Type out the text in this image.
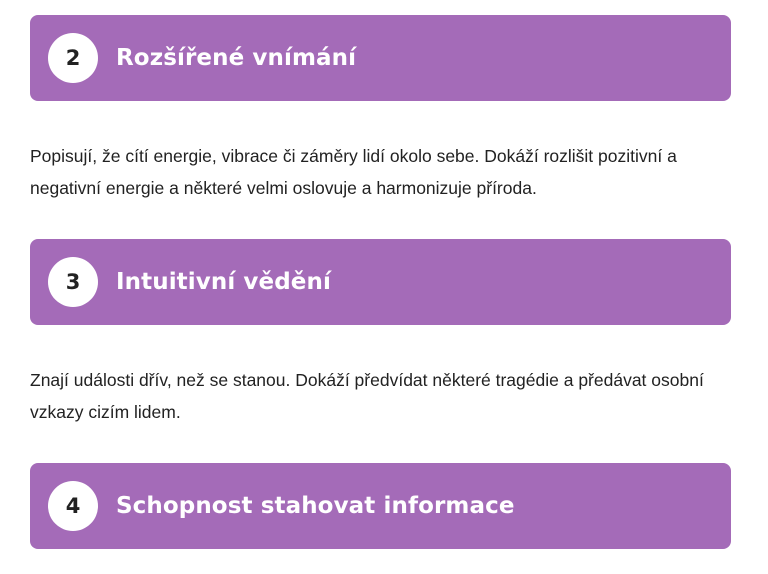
2	Rozšířené vnímání

Popisují, že cítí energie, vibrace či záměry lidí okolo sebe. Dokáží rozlišit pozitivní a negativní energie a některé velmi oslovuje a harmonizuje příroda.

3	Intuitivní vědění

Znají události dřív, než se stanou. Dokáží předvídat některé tragédie a předávat osobní vzkazy cizím lidem.

4	Schopnost stahovat informace
